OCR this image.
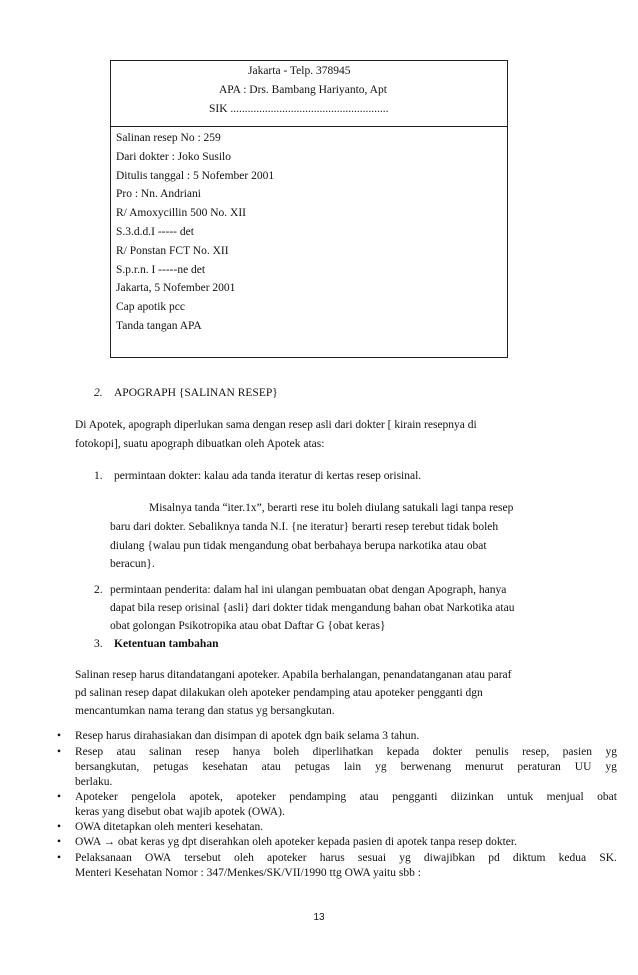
Jakarta - Telp. 378945
APA : Drs. Bambang Hariyanto, Apt
SIK .......................................................
Salinan resep No : 259
Dari dokter : Joko Susilo
Ditulis tanggal : 5 Nofember 2001
Pro : Nn. Andriani
R/ Amoxycillin 500 No. XII
S.3.d.d.I ----- det
R/ Ponstan FCT No. XII
S.p.r.n. I -----ne det
Jakarta, 5 Nofember 2001
Cap apotik pcc
Tanda tangan APA
2. APOGRAPH {SALINAN RESEP}
Di Apotek, apograph diperlukan sama dengan resep asli dari dokter [ kirain resepnya di
fotokopi], suatu apograph dibuatkan oleh Apotek atas:
1. permintaan dokter: kalau ada tanda iteratur di kertas resep orisinal.
Misalnya tanda “iter.1x”, berarti rese itu boleh diulang satukali lagi tanpa resep
baru dari dokter. Sebaliknya tanda N.I. {ne iteratur} berarti resep terebut tidak boleh
diulang {walau pun tidak mengandung obat berbahaya berupa narkotika atau obat
beracun}.
2. permintaan penderita: dalam hal ini ulangan pembuatan obat dengan Apograph, hanya
dapat bila resep orisinal {asli} dari dokter tidak mengandung bahan obat Narkotika atau
obat golongan Psikotropika atau obat Daftar G {obat keras}
3. Ketentuan tambahan
Salinan resep harus ditandatangani apoteker. Apabila berhalangan, penandatanganan atau paraf
pd salinan resep dapat dilakukan oleh apoteker pendamping atau apoteker pengganti dgn
mencantumkan nama terang dan status yg bersangkutan.
• Resep harus dirahasiakan dan disimpan di apotek dgn baik selama 3 tahun.
• Resep atau salinan resep hanya boleh diperlihatkan kepada dokter penulis resep, pasien yg
bersangkutan, petugas kesehatan atau petugas lain yg berwenang menurut peraturan UU yg
berlaku.
• Apoteker pengelola apotek, apoteker pendamping atau pengganti diizinkan untuk menjual obat
keras yang disebut obat wajib apotek (OWA).
• OWA ditetapkan oleh menteri kesehatan.
• OWA → obat keras yg dpt diserahkan oleh apoteker kepada pasien di apotek tanpa resep dokter.
• Pelaksanaan OWA tersebut oleh apoteker harus sesuai yg diwajibkan pd diktum kedua SK.
Menteri Kesehatan Nomor : 347/Menkes/SK/VII/1990 ttg OWA yaitu sbb :
13
